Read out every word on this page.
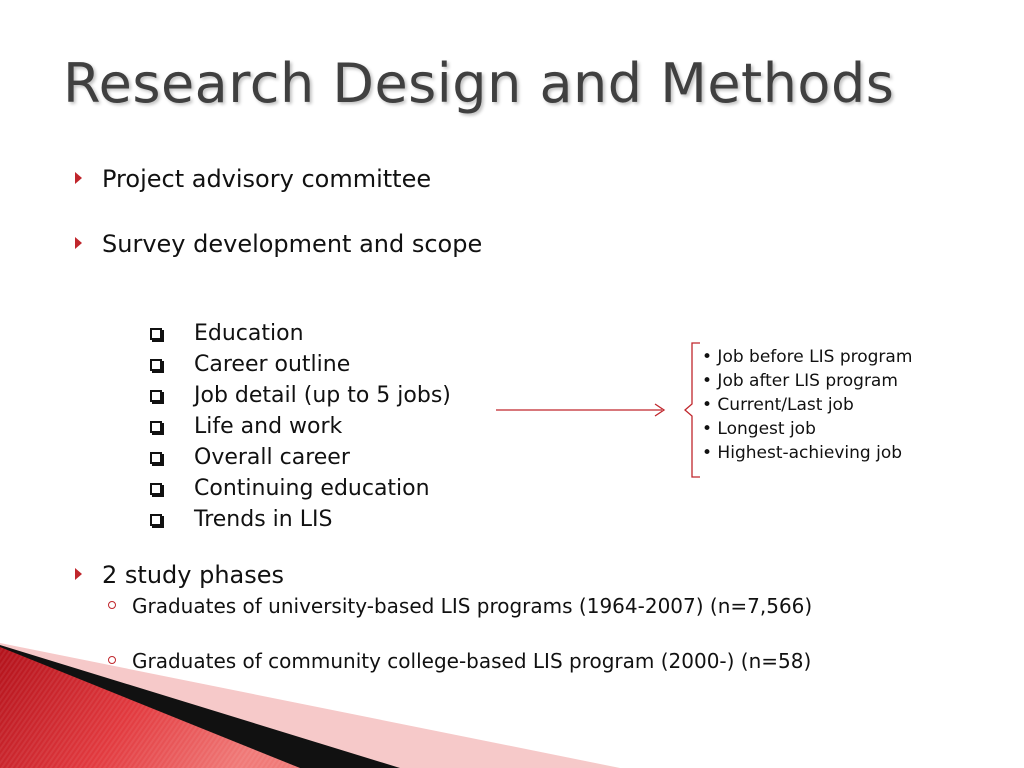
Research Design and Methods
Project advisory committee
Survey development and scope
Education
Career outline
Job detail (up to 5 jobs)
Life and work
Overall career
Continuing education
Trends in LIS
• Job before LIS program
• Job after LIS program
• Current/Last job
• Longest job
• Highest-achieving job
2 study phases
Graduates of university-based LIS programs (1964-2007) (n=7,566)
Graduates of community college-based LIS program (2000-) (n=58)
